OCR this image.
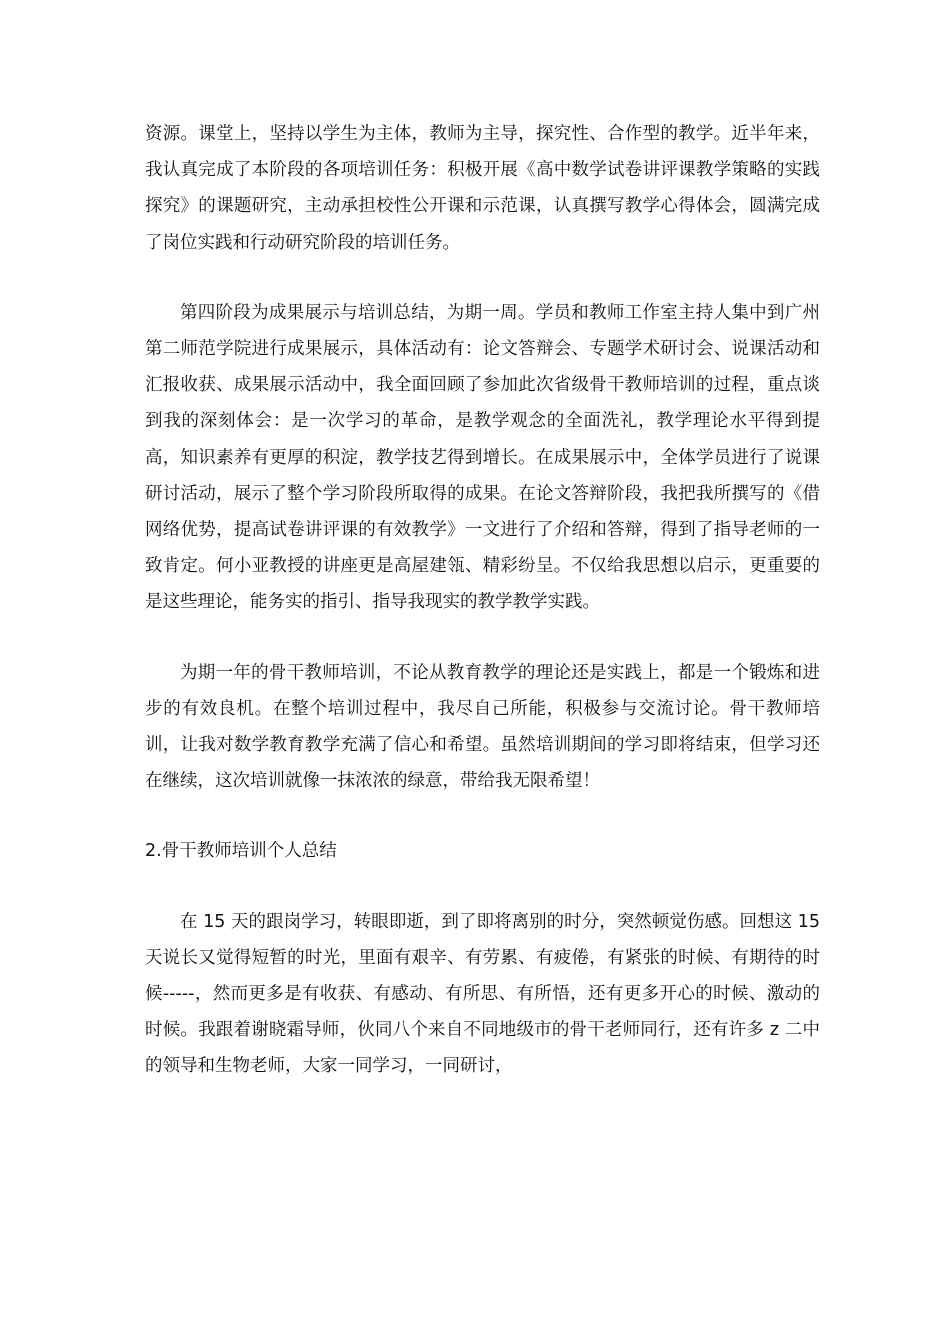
资源。课堂上，坚持以学生为主体，教师为主导，探究性、合作型的教学。近半年来，我认真完成了本阶段的各项培训任务：积极开展《高中数学试卷讲评课教学策略的实践探究》的课题研究，主动承担校性公开课和示范课，认真撰写教学心得体会，圆满完成了岗位实践和行动研究阶段的培训任务。

第四阶段为成果展示与培训总结，为期一周。学员和教师工作室主持人集中到广州第二师范学院进行成果展示，具体活动有：论文答辩会、专题学术研讨会、说课活动和汇报收获、成果展示活动中，我全面回顾了参加此次省级骨干教师培训的过程，重点谈到我的深刻体会：是一次学习的革命，是教学观念的全面洗礼，教学理论水平得到提高，知识素养有更厚的积淀，教学技艺得到增长。在成果展示中，全体学员进行了说课研讨活动，展示了整个学习阶段所取得的成果。在论文答辩阶段，我把我所撰写的《借网络优势，提高试卷讲评课的有效教学》一文进行了介绍和答辩，得到了指导老师的一致肯定。何小亚教授的讲座更是高屋建瓴、精彩纷呈。不仅给我思想以启示，更重要的是这些理论，能务实的指引、指导我现实的教学教学实践。

为期一年的骨干教师培训，不论从教育教学的理论还是实践上，都是一个锻炼和进步的有效良机。在整个培训过程中，我尽自己所能，积极参与交流讨论。骨干教师培训，让我对数学教育教学充满了信心和希望。虽然培训期间的学习即将结束，但学习还在继续，这次培训就像一抹浓浓的绿意，带给我无限希望！

2.骨干教师培训个人总结

在 15 天的跟岗学习，转眼即逝，到了即将离别的时分，突然顿觉伤感。回想这 15 天说长又觉得短暂的时光，里面有艰辛、有劳累、有疲倦，有紧张的时候、有期待的时候-----，然而更多是有收获、有感动、有所思、有所悟，还有更多开心的时候、激动的时候。我跟着谢晓霜导师，伙同八个来自不同地级市的骨干老师同行，还有许多 z 二中的领导和生物老师，大家一同学习，一同研讨，
